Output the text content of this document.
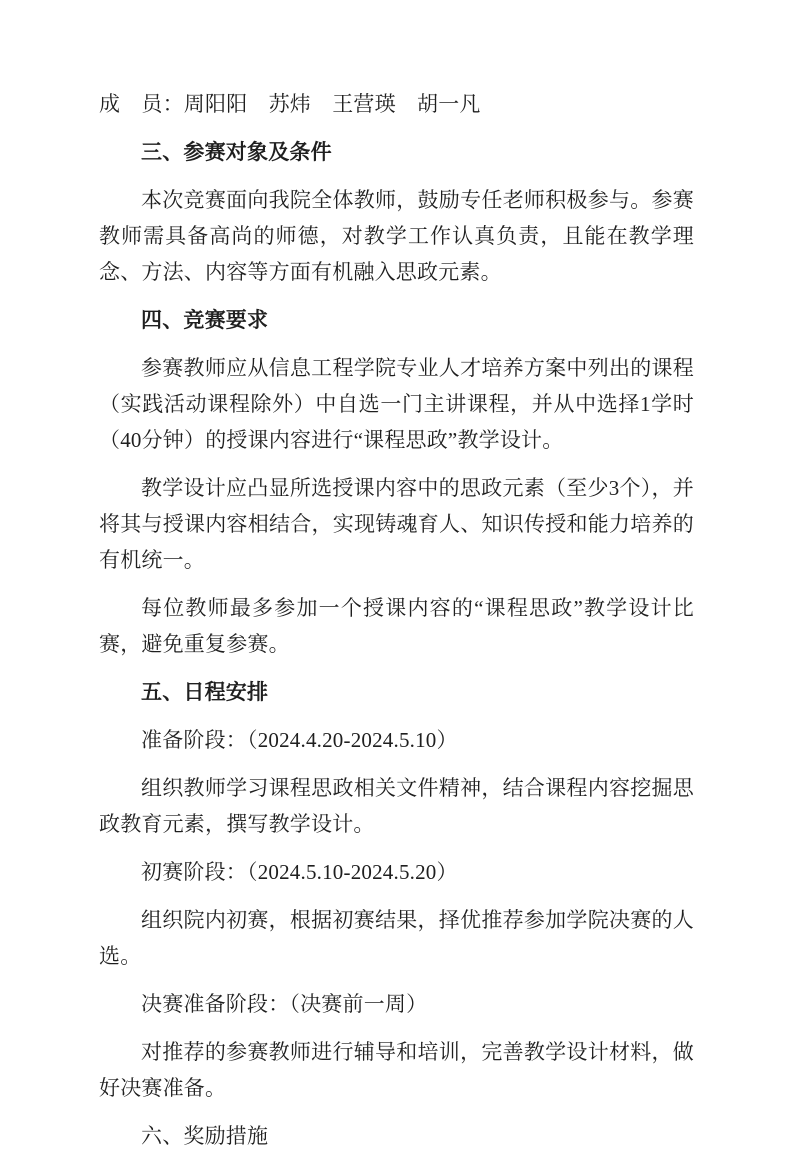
成　员：周阳阳　苏炜　王营瑛　胡一凡

三、参赛对象及条件

本次竞赛面向我院全体教师，鼓励专任老师积极参与。参赛教师需具备高尚的师德，对教学工作认真负责，且能在教学理念、方法、内容等方面有机融入思政元素。

四、竞赛要求

参赛教师应从信息工程学院专业人才培养方案中列出的课程（实践活动课程除外）中自选一门主讲课程，并从中选择1学时（40分钟）的授课内容进行“课程思政”教学设计。

教学设计应凸显所选授课内容中的思政元素（至少3个），并将其与授课内容相结合，实现铸魂育人、知识传授和能力培养的有机统一。

每位教师最多参加一个授课内容的“课程思政”教学设计比赛，避免重复参赛。

五、日程安排

准备阶段：（2024.4.20-2024.5.10）

组织教师学习课程思政相关文件精神，结合课程内容挖掘思政教育元素，撰写教学设计。

初赛阶段：（2024.5.10-2024.5.20）

组织院内初赛，根据初赛结果，择优推荐参加学院决赛的人选。

决赛准备阶段：（决赛前一周）

对推荐的参赛教师进行辅导和培训，完善教学设计材料，做好决赛准备。

六、奖励措施
